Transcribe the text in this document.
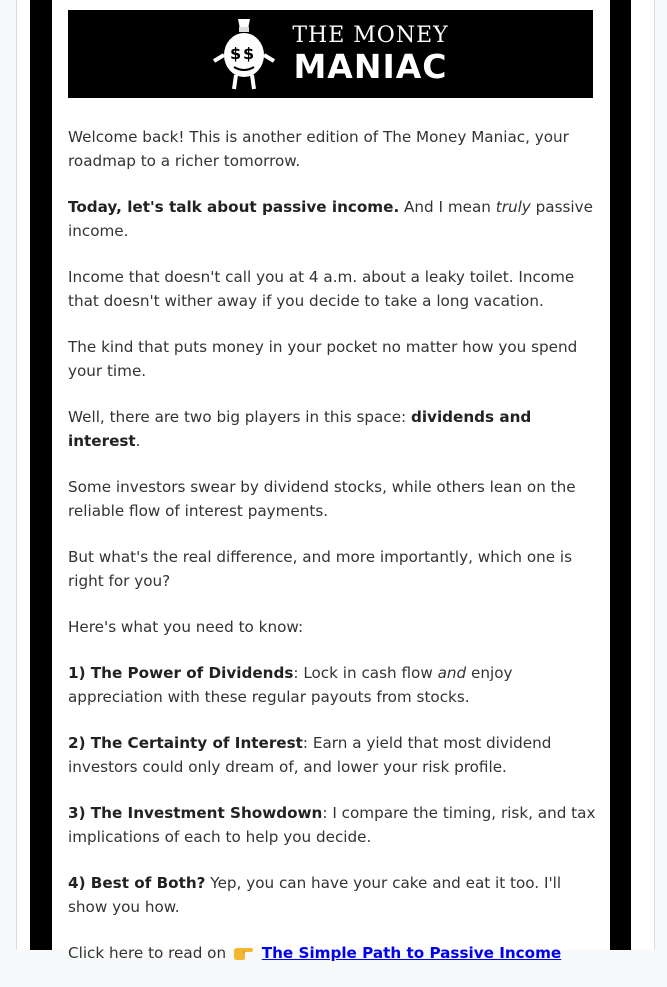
$ $
THE MONEY
MANIAC

Welcome back! This is another edition of The Money Maniac, your roadmap to a richer tomorrow.

Today, let's talk about passive income. And I mean truly passive income.

Income that doesn't call you at 4 a.m. about a leaky toilet. Income that doesn't wither away if you decide to take a long vacation.

The kind that puts money in your pocket no matter how you spend your time.

Well, there are two big players in this space: dividends and interest.

Some investors swear by dividend stocks, while others lean on the reliable flow of interest payments.

But what's the real difference, and more importantly, which one is right for you?

Here's what you need to know:

1) The Power of Dividends: Lock in cash flow and enjoy appreciation with these regular payouts from stocks.

2) The Certainty of Interest: Earn a yield that most dividend investors could only dream of, and lower your risk profile.

3) The Investment Showdown: I compare the timing, risk, and tax implications of each to help you decide.

4) Best of Both? Yep, you can have your cake and eat it too. I'll show you how.

Click here to read on The Simple Path to Passive Income
